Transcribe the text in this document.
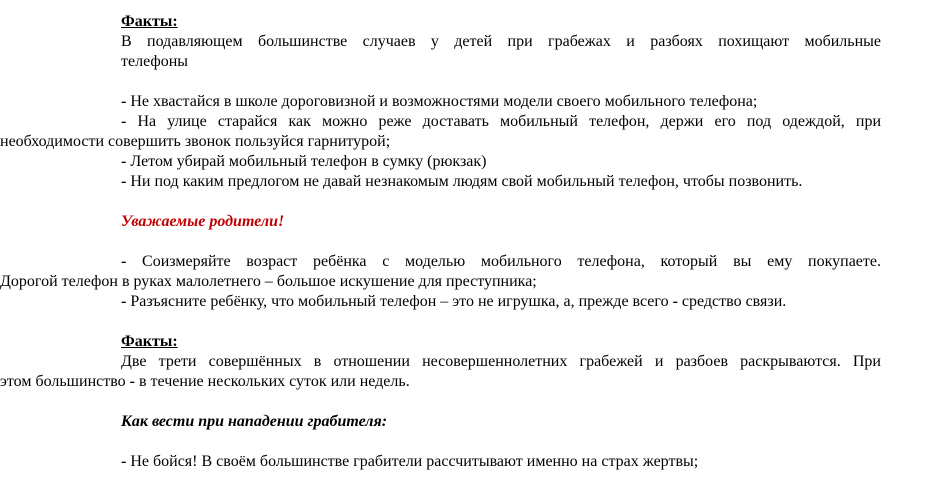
Факты:
В подавляющем большинстве случаев у детей при грабежах и разбоях похищают мобильные
телефоны
- Не хвастайся в школе дороговизной и возможностями модели своего мобильного телефона;
- На улице старайся как можно реже доставать мобильный телефон, держи его под одеждой, при
необходимости совершить звонок пользуйся гарнитурой;
- Летом убирай мобильный телефон в сумку (рюкзак)
- Ни под каким предлогом не давай незнакомым людям свой мобильный телефон, чтобы позвонить.
Уважаемые родители!
- Соизмеряйте возраст ребёнка с моделью мобильного телефона, который вы ему покупаете.
Дорогой телефон в руках малолетнего – большое искушение для преступника;
- Разъясните ребёнку, что мобильный телефон – это не игрушка, а, прежде всего - средство связи.
Факты:
Две трети совершённых в отношении несовершеннолетних грабежей и разбоев раскрываются. При
этом большинство - в течение нескольких суток или недель.
Как вести при нападении грабителя:
- Не бойся! В своём большинстве грабители рассчитывают именно на страх жертвы;
